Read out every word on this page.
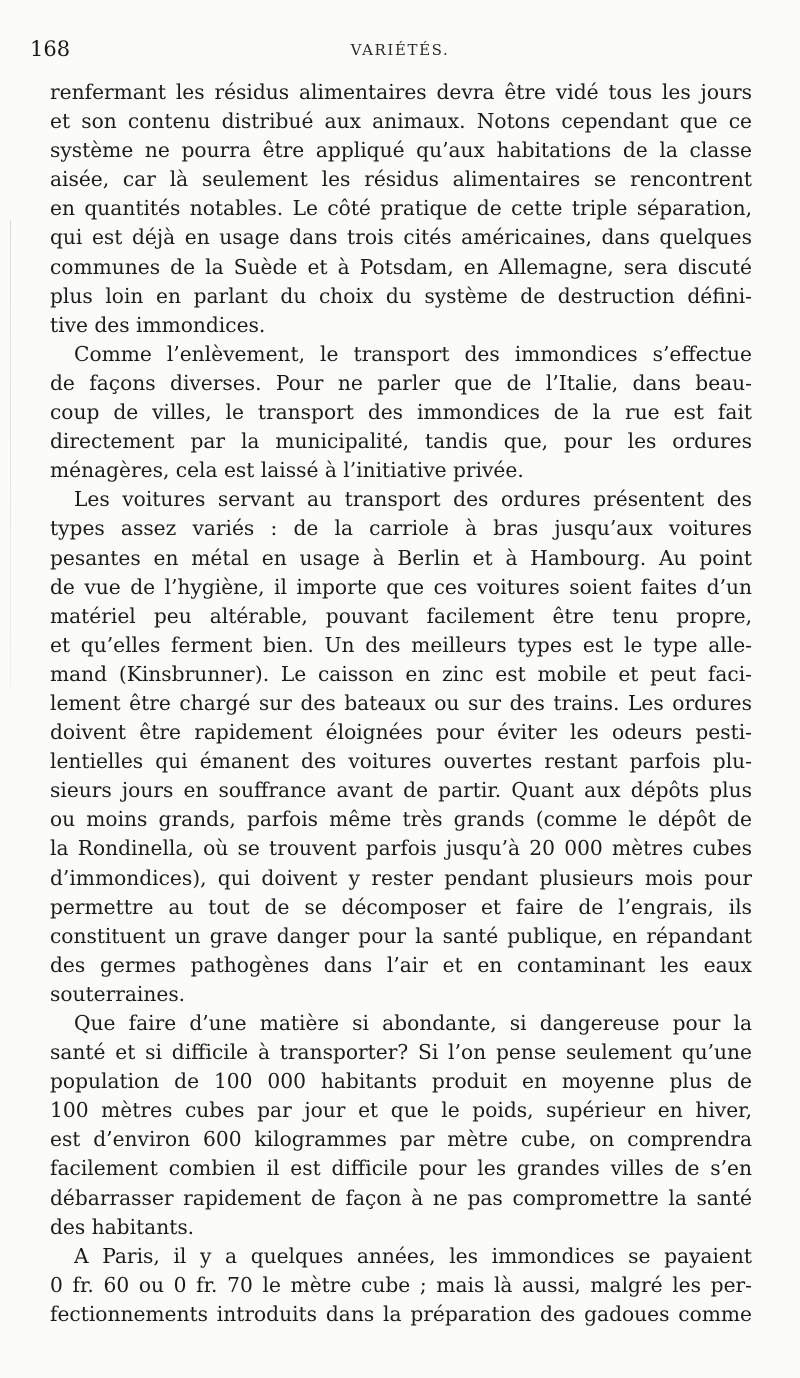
168	VARIÉTÉS.
renfermant les résidus alimentaires devra être vidé tous les jours
et son contenu distribué aux animaux. Notons cependant que ce
système ne pourra être appliqué qu’aux habitations de la classe
aisée, car là seulement les résidus alimentaires se rencontrent
en quantités notables. Le côté pratique de cette triple séparation,
qui est déjà en usage dans trois cités américaines, dans quelques
communes de la Suède et à Potsdam, en Allemagne, sera discuté
plus loin en parlant du choix du système de destruction défini-
tive des immondices.
Comme l’enlèvement, le transport des immondices s’effectue
de façons diverses. Pour ne parler que de l’Italie, dans beau-
coup de villes, le transport des immondices de la rue est fait
directement par la municipalité, tandis que, pour les ordures
ménagères, cela est laissé à l’initiative privée.
Les voitures servant au transport des ordures présentent des
types assez variés : de la carriole à bras jusqu’aux voitures
pesantes en métal en usage à Berlin et à Hambourg. Au point
de vue de l’hygiène, il importe que ces voitures soient faites d’un
matériel peu altérable, pouvant facilement être tenu propre,
et qu’elles ferment bien. Un des meilleurs types est le type alle-
mand (Kinsbrunner). Le caisson en zinc est mobile et peut faci-
lement être chargé sur des bateaux ou sur des trains. Les ordures
doivent être rapidement éloignées pour éviter les odeurs pesti-
lentielles qui émanent des voitures ouvertes restant parfois plu-
sieurs jours en souffrance avant de partir. Quant aux dépôts plus
ou moins grands, parfois même très grands (comme le dépôt de
la Rondinella, où se trouvent parfois jusqu’à 20 000 mètres cubes
d’immondices), qui doivent y rester pendant plusieurs mois pour
permettre au tout de se décomposer et faire de l’engrais, ils
constituent un grave danger pour la santé publique, en répandant
des germes pathogènes dans l’air et en contaminant les eaux
souterraines.
Que faire d’une matière si abondante, si dangereuse pour la
santé et si difficile à transporter? Si l’on pense seulement qu’une
population de 100 000 habitants produit en moyenne plus de
100 mètres cubes par jour et que le poids, supérieur en hiver,
est d’environ 600 kilogrammes par mètre cube, on comprendra
facilement combien il est difficile pour les grandes villes de s’en
débarrasser rapidement de façon à ne pas compromettre la santé
des habitants.
A Paris, il y a quelques années, les immondices se payaient
0 fr. 60 ou 0 fr. 70 le mètre cube ; mais là aussi, malgré les per-
fectionnements introduits dans la préparation des gadoues comme
